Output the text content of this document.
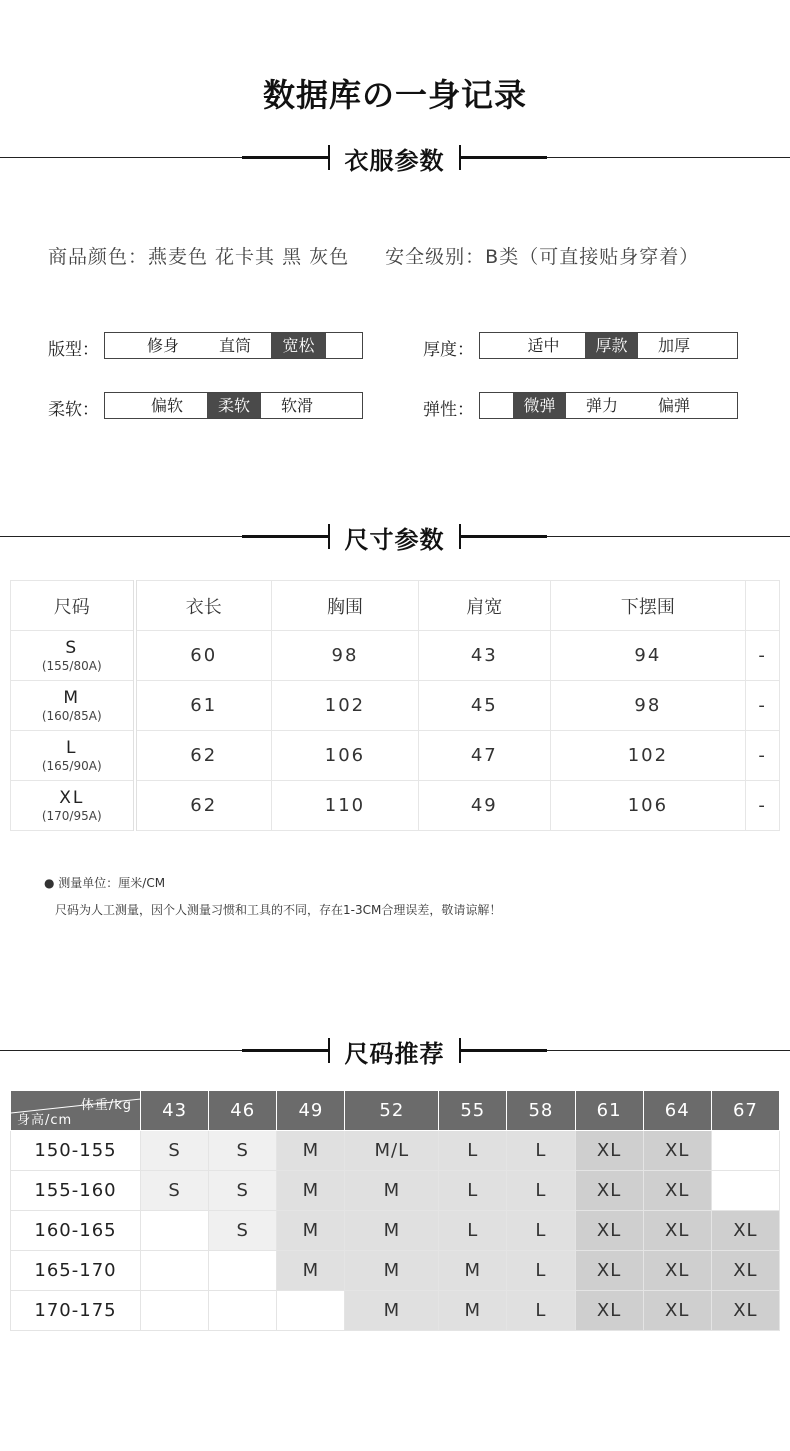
数据库の一身记录
衣服参数
商品颜色：燕麦色 花卡其 黑 灰色 安全级别：B类（可直接贴身穿着）
版型：	修身	直筒	宽松	厚度：	适中	厚款	加厚
柔软：	偏软	柔软	软滑	弹性：	微弹	弹力	偏弹
尺寸参数
尺码	衣长	胸围	肩宽	下摆围	

S
(155/80A)	60	98	43	94	-

M
(160/85A)	61	102	45	98	-

L
(165/90A)	62	106	47	102	-

XL
(170/95A)	62	110	49	106	-
● 测量单位：厘米/CM
尺码为人工测量，因个人测量习惯和工具的不同，存在1-3CM合理误差，敬请谅解！
尺码推荐
体重/kg
身高/cm	43	46	49	52	55	58	61	64	67
150-155	S	S	M	M/L	L	L	XL	XL	
155-160	S	S	M	M	L	L	XL	XL	
160-165		S	M	M	L	L	XL	XL	XL
165-170			M	M	M	L	XL	XL	XL
170-175				M	M	L	XL	XL	XL
